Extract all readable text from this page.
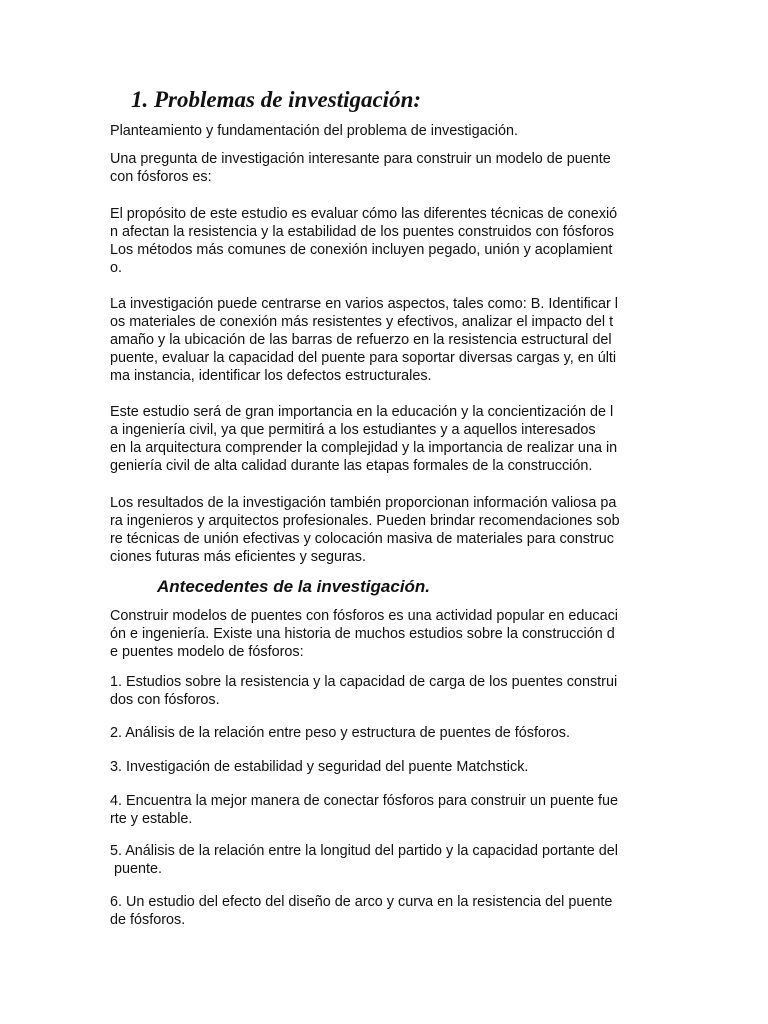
1. Problemas de investigación:

Planteamiento y fundamentación del problema de investigación.

Una pregunta de investigación interesante para construir un modelo de puente
con fósforos es:

El propósito de este estudio es evaluar cómo las diferentes técnicas de conexió
n afectan la resistencia y la estabilidad de los puentes construidos con fósforos
Los métodos más comunes de conexión incluyen pegado, unión y acoplamient
o.

La investigación puede centrarse en varios aspectos, tales como: B. Identificar l
os materiales de conexión más resistentes y efectivos, analizar el impacto del t
amaño y la ubicación de las barras de refuerzo en la resistencia estructural del
puente, evaluar la capacidad del puente para soportar diversas cargas y, en últi
ma instancia, identificar los defectos estructurales.

Este estudio será de gran importancia en la educación y la concientización de l
a ingeniería civil, ya que permitirá a los estudiantes y a aquellos interesados
en la arquitectura comprender la complejidad y la importancia de realizar una in
geniería civil de alta calidad durante las etapas formales de la construcción.

Los resultados de la investigación también proporcionan información valiosa pa
ra ingenieros y arquitectos profesionales. Pueden brindar recomendaciones sob
re técnicas de unión efectivas y colocación masiva de materiales para construc
ciones futuras más eficientes y seguras.

Antecedentes de la investigación.

Construir modelos de puentes con fósforos es una actividad popular en educaci
ón e ingeniería. Existe una historia de muchos estudios sobre la construcción d
e puentes modelo de fósforos:

1. Estudios sobre la resistencia y la capacidad de carga de los puentes construi
dos con fósforos.

2. Análisis de la relación entre peso y estructura de puentes de fósforos.

3. Investigación de estabilidad y seguridad del puente Matchstick.

4. Encuentra la mejor manera de conectar fósforos para construir un puente fue
rte y estable.

5. Análisis de la relación entre la longitud del partido y la capacidad portante del
puente.

6. Un estudio del efecto del diseño de arco y curva en la resistencia del puente
de fósforos.
